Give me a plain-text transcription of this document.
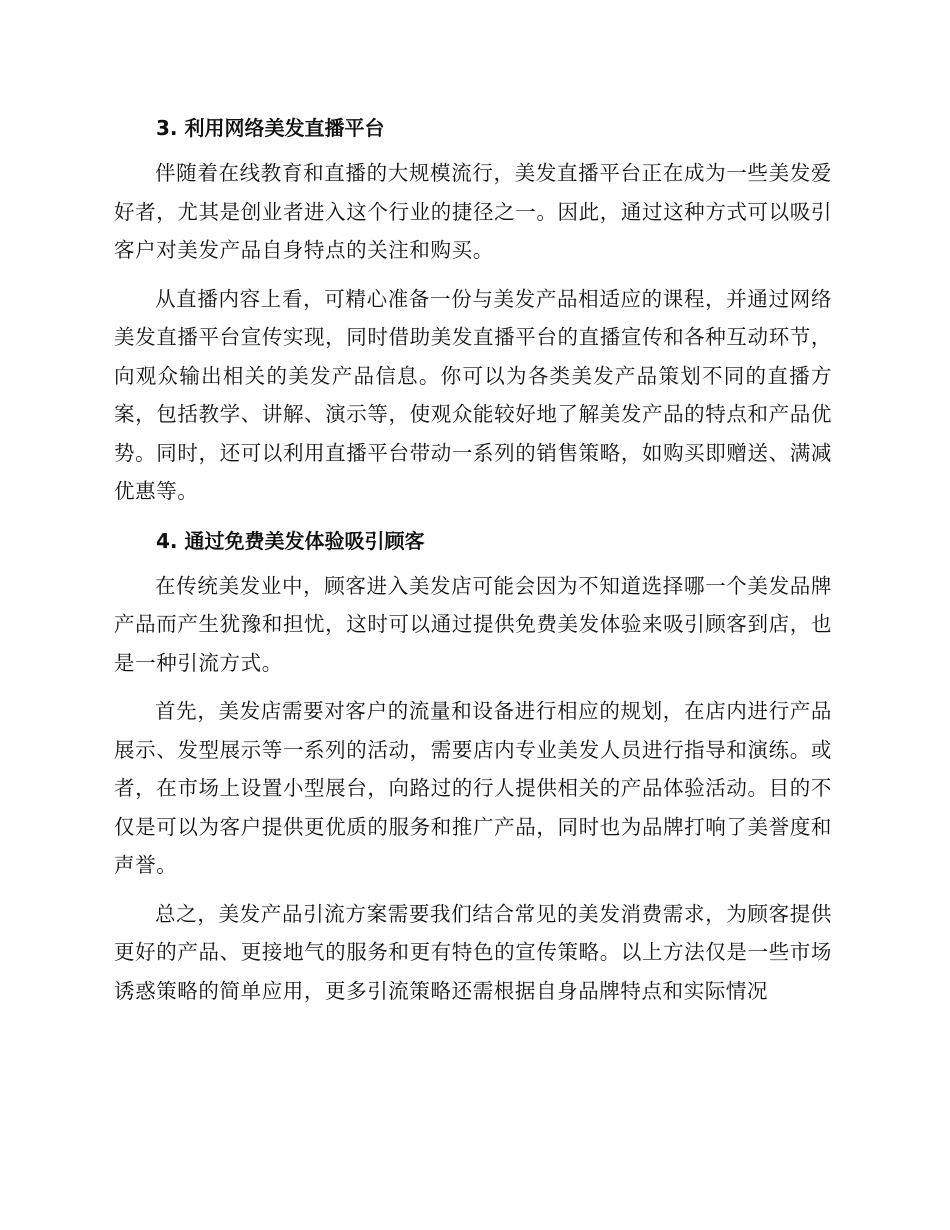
3. 利用网络美发直播平台

伴随着在线教育和直播的大规模流行，美发直播平台正在成为一些美发爱好者，尤其是创业者进入这个行业的捷径之一。因此，通过这种方式可以吸引客户对美发产品自身特点的关注和购买。

从直播内容上看，可精心准备一份与美发产品相适应的课程，并通过网络美发直播平台宣传实现，同时借助美发直播平台的直播宣传和各种互动环节，向观众输出相关的美发产品信息。你可以为各类美发产品策划不同的直播方案，包括教学、讲解、演示等，使观众能较好地了解美发产品的特点和产品优势。同时，还可以利用直播平台带动一系列的销售策略，如购买即赠送、满减优惠等。

4. 通过免费美发体验吸引顾客

在传统美发业中，顾客进入美发店可能会因为不知道选择哪一个美发品牌产品而产生犹豫和担忧，这时可以通过提供免费美发体验来吸引顾客到店，也是一种引流方式。

首先，美发店需要对客户的流量和设备进行相应的规划，在店内进行产品展示、发型展示等一系列的活动，需要店内专业美发人员进行指导和演练。或者，在市场上设置小型展台，向路过的行人提供相关的产品体验活动。目的不仅是可以为客户提供更优质的服务和推广产品，同时也为品牌打响了美誉度和声誉。

总之，美发产品引流方案需要我们结合常见的美发消费需求，为顾客提供更好的产品、更接地气的服务和更有特色的宣传策略。以上方法仅是一些市场诱惑策略的简单应用，更多引流策略还需根据自身品牌特点和实际情况
